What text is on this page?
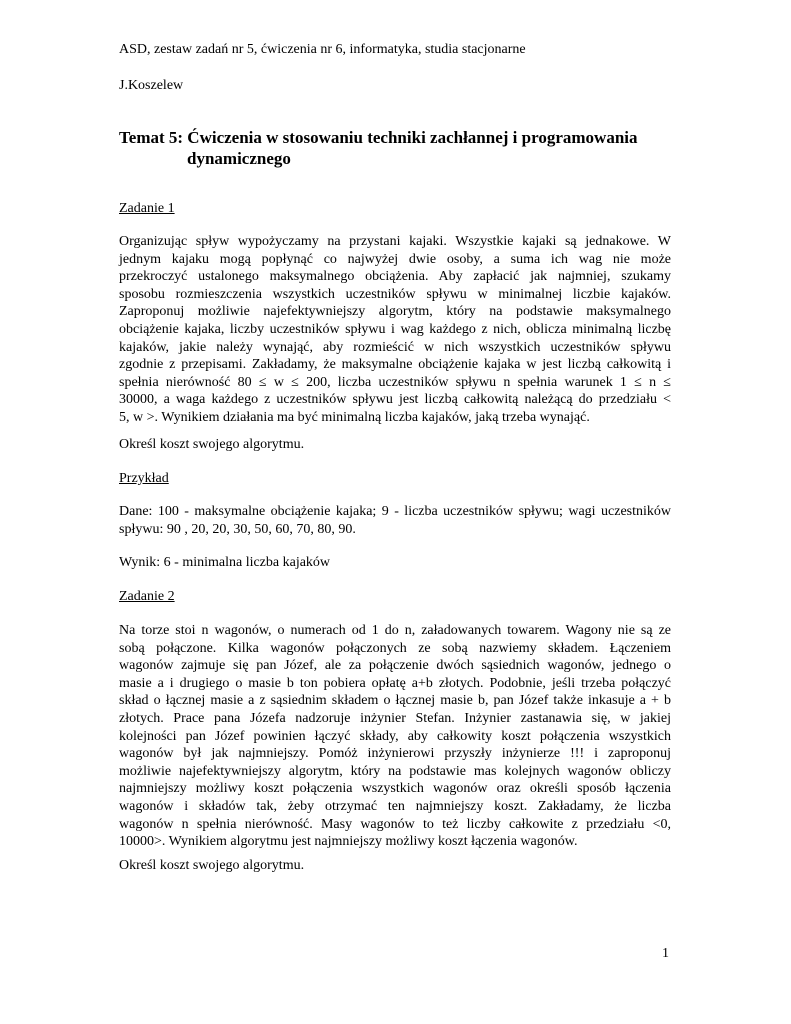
ASD, zestaw zadań nr 5, ćwiczenia nr 6, informatyka, studia stacjonarne
J.Koszelew
Temat 5: Ćwiczenia w stosowaniu techniki zachłannej i programowania
dynamicznego
Zadanie 1
Organizując spływ wypożyczamy na przystani kajaki. Wszystkie kajaki są jednakowe. W
jednym kajaku mogą popłynąć co najwyżej dwie osoby, a suma ich wag nie może
przekroczyć ustalonego maksymalnego obciążenia. Aby zapłacić jak najmniej, szukamy
sposobu rozmieszczenia wszystkich uczestników spływu w minimalnej liczbie kajaków.
Zaproponuj możliwie najefektywniejszy algorytm, który na podstawie maksymalnego
obciążenie kajaka, liczby uczestników spływu i wag każdego z nich, oblicza minimalną liczbę
kajaków, jakie należy wynająć, aby rozmieścić w nich wszystkich uczestników spływu
zgodnie z przepisami. Zakładamy, że maksymalne obciążenie kajaka w jest liczbą całkowitą i
spełnia nierówność 80 ≤ w ≤ 200, liczba uczestników spływu n spełnia warunek 1 ≤ n ≤
30000, a waga każdego z uczestników spływu jest liczbą całkowitą należącą do przedziału <
5, w >. Wynikiem działania ma być minimalną liczba kajaków, jaką trzeba wynająć.
Określ koszt swojego algorytmu.
Przykład
Dane: 100 - maksymalne obciążenie kajaka; 9 - liczba uczestników spływu; wagi uczestników
spływu: 90 , 20, 20, 30, 50, 60, 70, 80, 90.
Wynik: 6 - minimalna liczba kajaków
Zadanie 2
Na torze stoi n wagonów, o numerach od 1 do n, załadowanych towarem. Wagony nie są ze
sobą połączone. Kilka wagonów połączonych ze sobą nazwiemy składem. Łączeniem
wagonów zajmuje się pan Józef, ale za połączenie dwóch sąsiednich wagonów, jednego o
masie a i drugiego o masie b ton pobiera opłatę a+b złotych. Podobnie, jeśli trzeba połączyć
skład o łącznej masie a z sąsiednim składem o łącznej masie b, pan Józef także inkasuje a + b
złotych. Prace pana Józefa nadzoruje inżynier Stefan. Inżynier zastanawia się, w jakiej
kolejności pan Józef powinien łączyć składy, aby całkowity koszt połączenia wszystkich
wagonów był jak najmniejszy. Pomóż inżynierowi przyszły inżynierze !!! i zaproponuj
możliwie najefektywniejszy algorytm, który na podstawie mas kolejnych wagonów obliczy
najmniejszy możliwy koszt połączenia wszystkich wagonów oraz określi sposób łączenia
wagonów i składów tak, żeby otrzymać ten najmniejszy koszt. Zakładamy, że liczba
wagonów n spełnia nierówność. Masy wagonów to też liczby całkowite z przedziału <0,
10000>. Wynikiem algorytmu jest najmniejszy możliwy koszt łączenia wagonów.
Określ koszt swojego algorytmu.
1
